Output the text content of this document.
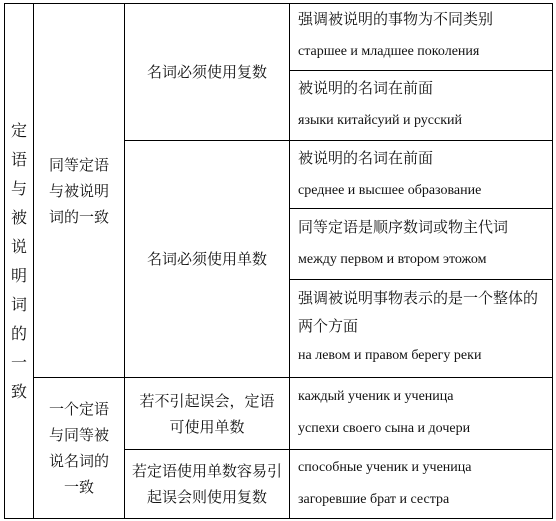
定语与被说明词的一致
同等定语与被说明词的一致
一个定语与同等被说名词的一致
名词必须使用复数
名词必须使用单数
若不引起误会，定语可使用单数
若定语使用单数容易引起误会则使用复数
强调被说明的事物为不同类别
старшее и младшее поколения
被说明的名词在前面
языки китайсуий и русский
被说明的名词在前面
среднее и высшее образование
同等定语是顺序数词或物主代词
между первом и втором этожом
强调被说明事物表示的是一个整体的两个方面
на левом и правом берегу реки
каждый ученик и ученица
успехи своего сына и дочери
способные ученик и ученица
загоревшие брат и сестра
